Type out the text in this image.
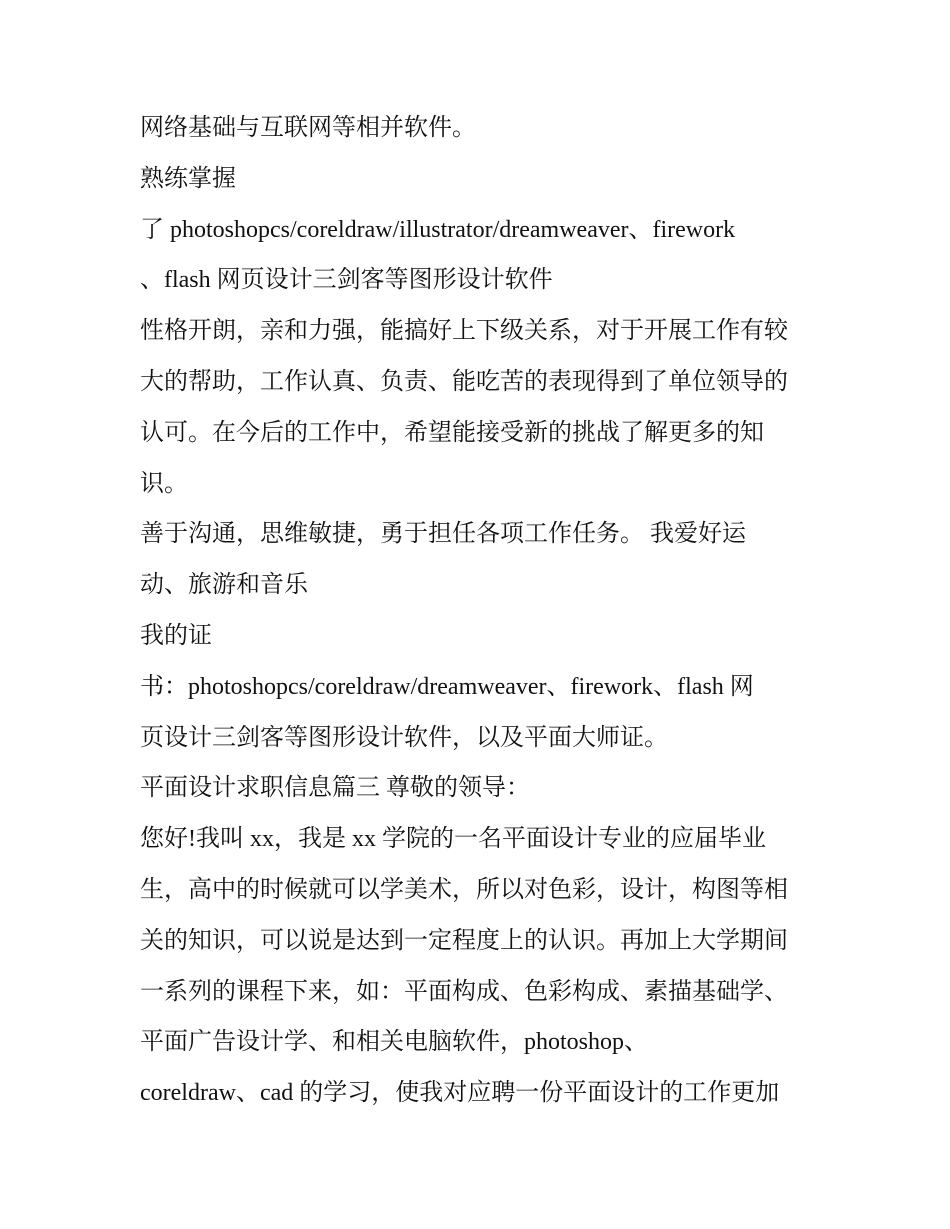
网络基础与互联网等相并软件。
熟练掌握
了 photoshopcs/coreldraw/illustrator/dreamweaver、firework
、flash 网页设计三剑客等图形设计软件
性格开朗，亲和力强，能搞好上下级关系，对于开展工作有较
大的帮助，工作认真、负责、能吃苦的表现得到了单位领导的
认可。在今后的工作中，希望能接受新的挑战了解更多的知
识。
善于沟通，思维敏捷，勇于担任各项工作任务。 我爱好运
动、旅游和音乐
我的证
书：photoshopcs/coreldraw/dreamweaver、firework、flash 网
页设计三剑客等图形设计软件，以及平面大师证。
平面设计求职信息篇三 尊敬的领导：
您好!我叫 xx，我是 xx 学院的一名平面设计专业的应届毕业
生，高中的时候就可以学美术，所以对色彩，设计，构图等相
关的知识，可以说是达到一定程度上的认识。再加上大学期间
一系列的课程下来，如：平面构成、色彩构成、素描基础学、
平面广告设计学、和相关电脑软件，photoshop、
coreldraw、cad 的学习，使我对应聘一份平面设计的工作更加
